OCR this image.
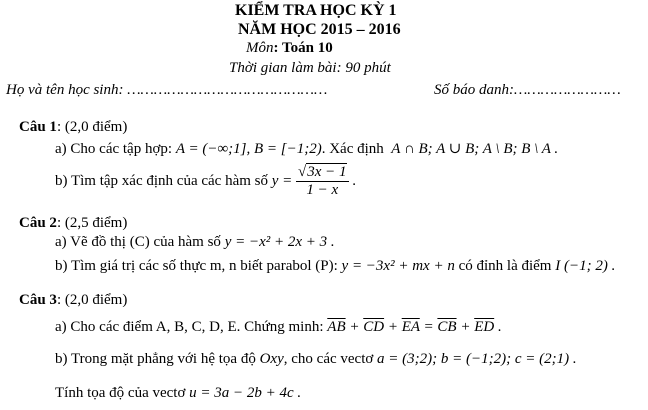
KIỂM TRA HỌC KỲ 1
NĂM HỌC 2015 – 2016
Môn: Toán 10
Thời gian làm bài: 90 phút
Họ và tên học sinh: ………………………………………	Số báo danh:……………………
Câu 1: (2,0 điểm)
a) Cho các tập hợp: A = (−∞;1], B = [−1;2). Xác định A ∩ B; A ∪ B; A \ B; B \ A .
b) Tìm tập xác định của các hàm số $y = \frac{√3x - 1}{1 - x}$ .
Câu 2: (2,5 điểm)
a) Vẽ đồ thị (C) của hàm số y = −x² + 2x + 3 .
b) Tìm giá trị các số thực m, n biết parabol (P): y = −3x² + mx + n có đỉnh là điểm I (−1; 2) .
Câu 3: (2,0 điểm)
a) Cho các điểm A, B, C, D, E. Chứng minh: $\overline{AB} + \overline{CD} + \overline{EA} = \overline{CB} + \overline{ED}$ .
b) Trong mặt phẳng với hệ tọa độ Oxy, cho các vectơ a = (3;2); b = (−1;2); c = (2;1) .
Tính tọa độ của vectơ u = 3a − 2b + 4c .
